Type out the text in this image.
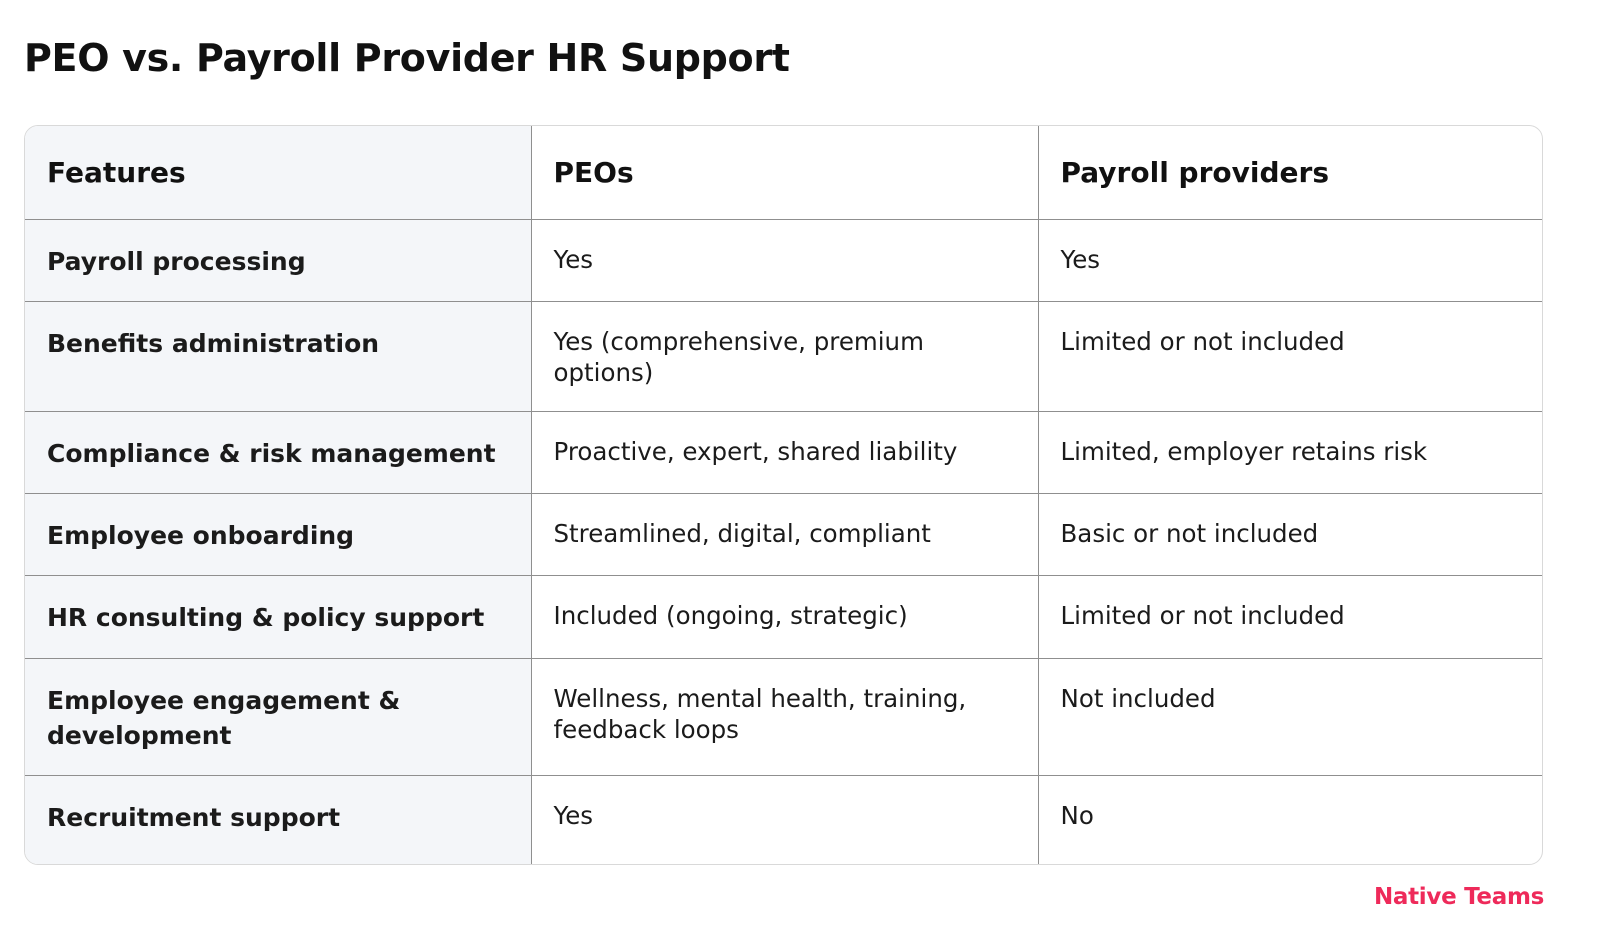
PEO vs. Payroll Provider HR Support
Features	PEOs	Payroll providers
Payroll processing	Yes	Yes
Benefits administration	Yes (comprehensive, premium options)	Limited or not included
Compliance & risk management	Proactive, expert, shared liability	Limited, employer retains risk
Employee onboarding	Streamlined, digital, compliant	Basic or not included
HR consulting & policy support	Included (ongoing, strategic)	Limited or not included
Employee engagement & development	Wellness, mental health, training, feedback loops	Not included
Recruitment support	Yes	No
Native Teams
